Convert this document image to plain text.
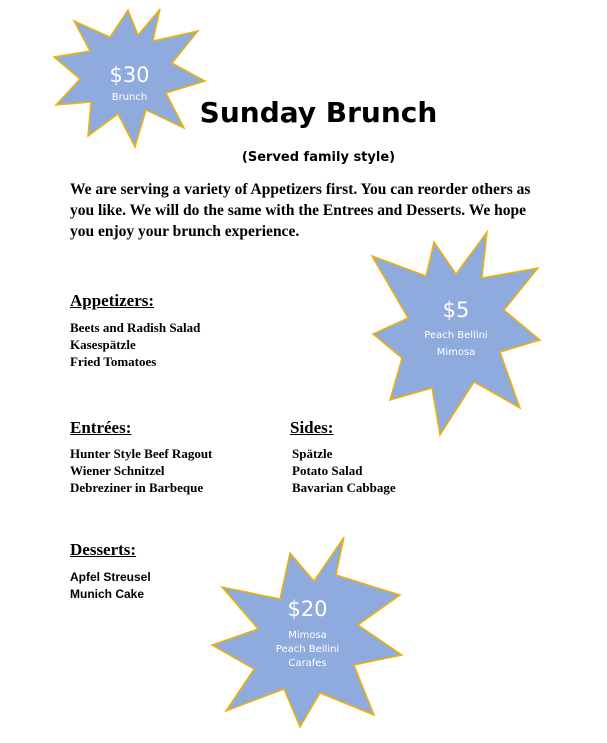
$30
Brunch
$5
Peach Bellini
Mimosa
$20
Mimosa
Peach Bellini
Carafes
Sunday Brunch
(Served family style)
We are serving a variety of Appetizers first. You can reorder others as you like. We will do the same with the Entrees and Desserts. We hope you enjoy your brunch experience.
Appetizers:
Beets and Radish Salad
Kasespätzle
Fried Tomatoes
Entrées:
Hunter Style Beef Ragout
Wiener Schnitzel
Debreziner in Barbeque
Sides:
Spätzle
Potato Salad
Bavarian Cabbage
Desserts:
Apfel Streusel
Munich Cake
